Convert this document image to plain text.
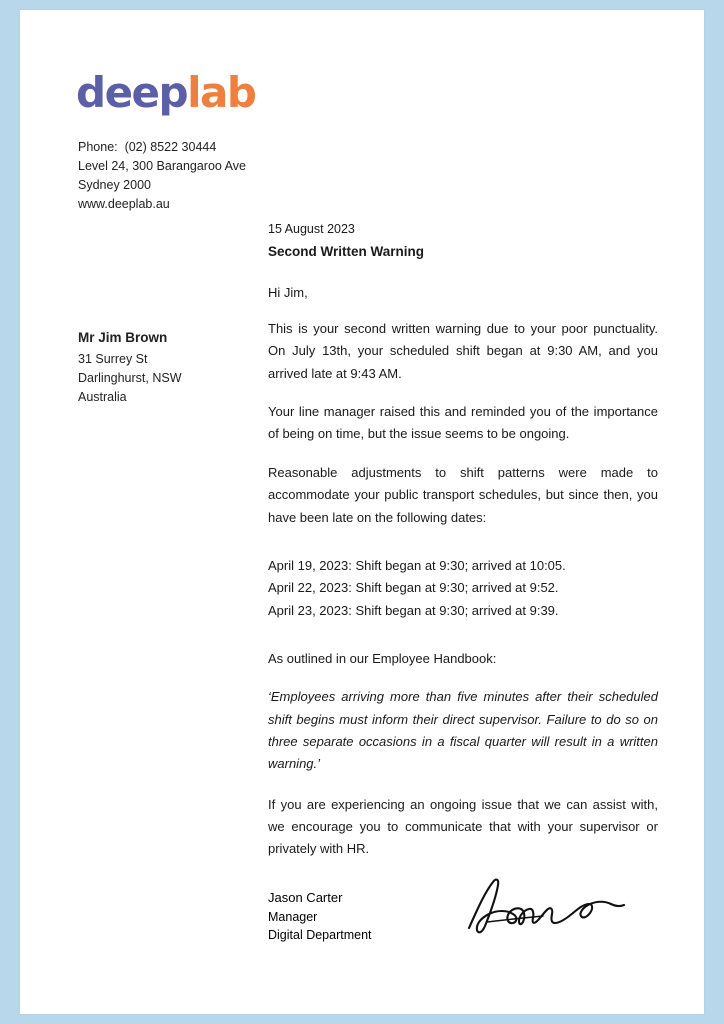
deeplab
Phone:  (02) 8522 30444
Level 24, 300 Barangaroo Ave
Sydney 2000
www.deeplab.au
Mr Jim Brown
31 Surrey St
Darlinghurst, NSW
Australia
15 August 2023
Second Written Warning
Hi Jim,
This is your second written warning due to your poor punctuality. On July 13th, your scheduled shift began at 9:30 AM, and you arrived late at 9:43 AM.
Your line manager raised this and reminded you of the importance of being on time, but the issue seems to be ongoing.
Reasonable adjustments to shift patterns were made to accommodate your public transport schedules, but since then, you have been late on the following dates:
April 19, 2023: Shift began at 9:30; arrived at 10:05.
April 22, 2023: Shift began at 9:30; arrived at 9:52.
April 23, 2023: Shift began at 9:30; arrived at 9:39.
As outlined in our Employee Handbook:
‘Employees arriving more than five minutes after their scheduled shift begins must inform their direct supervisor. Failure to do so on three separate occasions in a fiscal quarter will result in a written warning.’
If you are experiencing an ongoing issue that we can assist with, we encourage you to communicate that with your supervisor or privately with HR.
Jason Carter
Manager
Digital Department
